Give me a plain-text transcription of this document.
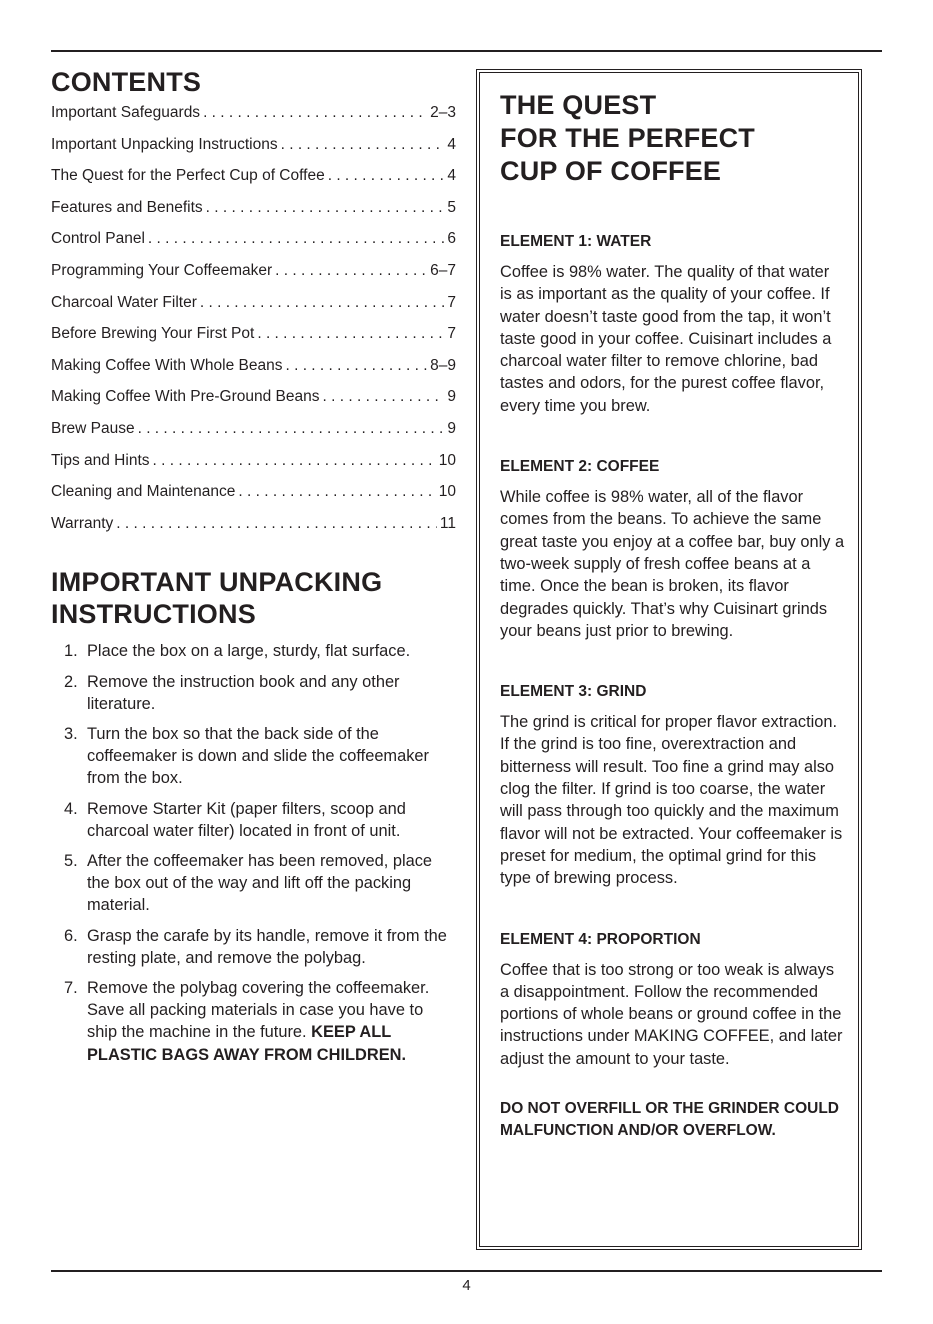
CONTENTS
Important Safeguards . . .	2–3
Important Unpacking Instructions . . .	4
The Quest for the Perfect Cup of Coffee . . .	4
Features and Benefits . . .	5
Control Panel . . .	6
Programming Your Coffeemaker . . .	6–7
Charcoal Water Filter . . .	7
Before Brewing Your First Pot . . .	7
Making Coffee With Whole Beans . . .	8–9
Making Coffee With Pre-Ground Beans . . .	9
Brew Pause . . .	9
Tips and Hints . . .	10
Cleaning and Maintenance . . .	10
Warranty . . .	11
IMPORTANT UNPACKING
INSTRUCTIONS
1. Place the box on a large, sturdy, flat surface.
2. Remove the instruction book and any other literature.
3. Turn the box so that the back side of the coffeemaker is down and slide the coffeemaker from the box.
4. Remove Starter Kit (paper filters, scoop and charcoal water filter) located in front of unit.
5. After the coffeemaker has been removed, place the box out of the way and lift off the packing material.
6. Grasp the carafe by its handle, remove it from the resting plate, and remove the polybag.
7. Remove the polybag covering the coffeemaker. Save all packing materials in case you have to ship the machine in the future. KEEP ALL PLASTIC BAGS AWAY FROM CHILDREN.
THE QUEST
FOR THE PERFECT
CUP OF COFFEE

ELEMENT 1: WATER

Coffee is 98% water. The quality of that water is as important as the quality of your coffee. If water doesn’t taste good from the tap, it won’t taste good in your coffee. Cuisinart includes a charcoal water filter to remove chlorine, bad tastes and odors, for the purest coffee flavor, every time you brew.

ELEMENT 2: COFFEE

While coffee is 98% water, all of the flavor comes from the beans. To achieve the same great taste you enjoy at a coffee bar, buy only a two-week supply of fresh coffee beans at a time. Once the bean is broken, its flavor degrades quickly. That’s why Cuisinart grinds your beans just prior to brewing.

ELEMENT 3: GRIND

The grind is critical for proper flavor extraction. If the grind is too fine, overextraction and bitterness will result. Too fine a grind may also clog the filter. If grind is too coarse, the water will pass through too quickly and the maximum flavor will not be extracted. Your coffeemaker is preset for medium, the optimal grind for this type of brewing process.

ELEMENT 4: PROPORTION

Coffee that is too strong or too weak is always a disappointment. Follow the recommended portions of whole beans or ground coffee in the instructions under MAKING COFFEE, and later adjust the amount to your taste.

DO NOT OVERFILL OR THE GRINDER COULD MALFUNCTION AND/OR OVERFLOW.

4
